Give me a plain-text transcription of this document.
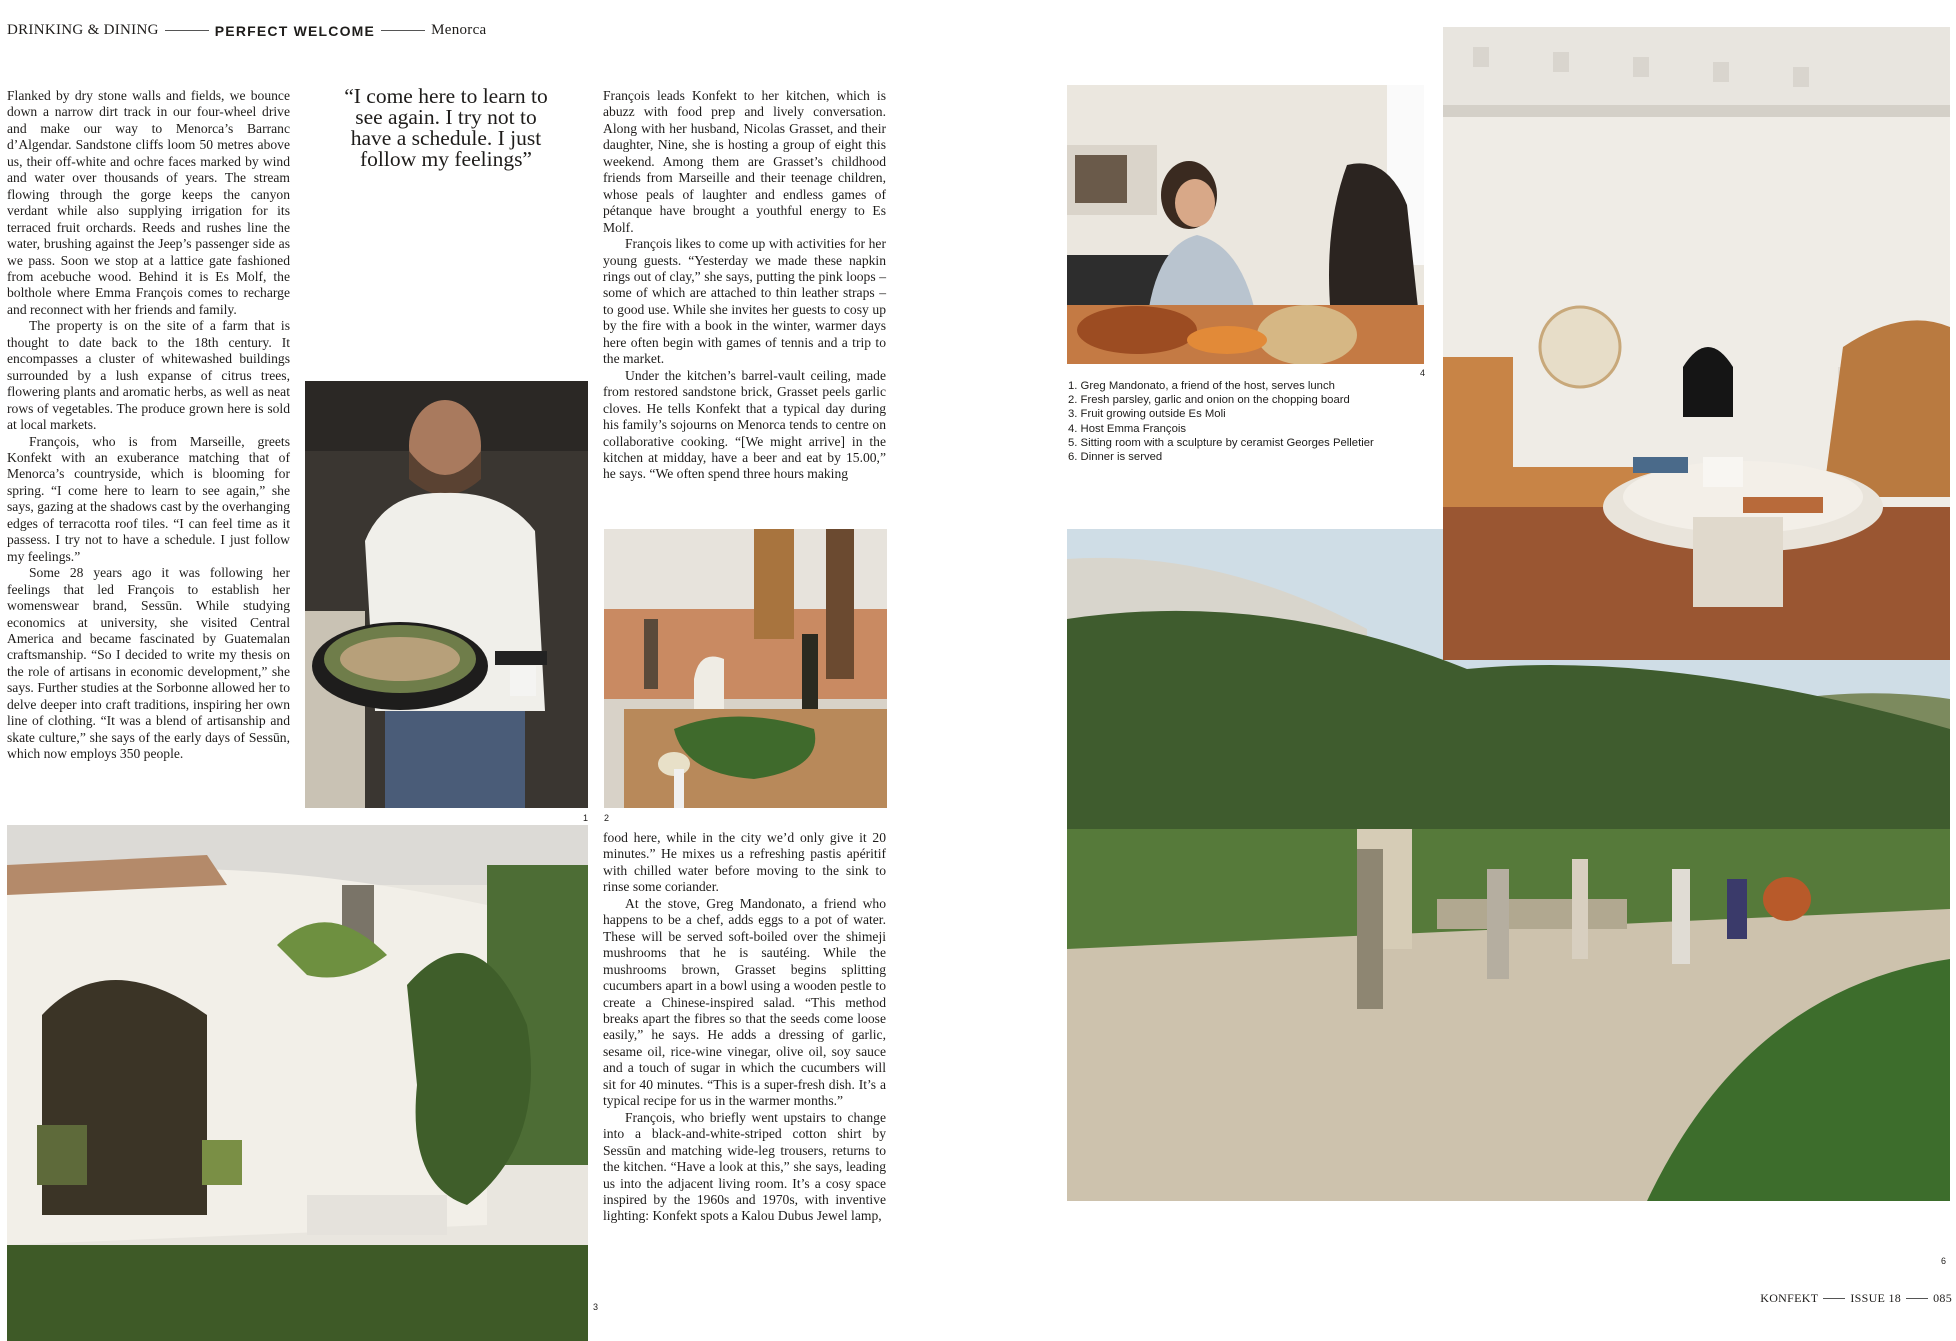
DRINKING & DINING	PERFECT WELCOME	Menorca

Flanked by dry stone walls and fields, we bounce down a narrow dirt track in our four-wheel drive and make our way to Menorca’s Barranc d’Algendar. Sandstone cliffs loom 50 metres above us, their off-white and ochre faces marked by wind and water over thousands of years. The stream flowing through the gorge keeps the canyon verdant while also supplying irrigation for its terraced fruit orchards. Reeds and rushes line the water, brushing against the Jeep’s passenger side as we pass. Soon we stop at a lattice gate fashioned from acebuche wood. Behind it is Es Molf, the bolthole where Emma François comes to recharge and reconnect with her friends and family.

The property is on the site of a farm that is thought to date back to the 18th century. It encompasses a cluster of whitewashed buildings surrounded by a lush expanse of citrus trees, flowering plants and aromatic herbs, as well as neat rows of vegetables. The produce grown here is sold at local markets.

François, who is from Marseille, greets Konfekt with an exuberance matching that of Menorca’s countryside, which is blooming for spring. “I come here to learn to see again,” she says, gazing at the shadows cast by the overhanging edges of terracotta roof tiles. “I can feel time as it passess. I try not to have a schedule. I just follow my feelings.”

Some 28 years ago it was following her feelings that led François to establish her womenswear brand, Sessūn. While studying economics at university, she visited Central America and became fascinated by Guatemalan craftsmanship. “So I decided to write my thesis on the role of artisans in economic development,” she says. Further studies at the Sorbonne allowed her to delve deeper into craft traditions, inspiring her own line of clothing. “It was a blend of artisanship and skate culture,” she says of the early days of Sessūn, which now employs 350 people.

“I come here to learn to see again. I try not to have a schedule. I just follow my feelings”
1

François leads Konfekt to her kitchen, which is abuzz with food prep and lively conversation. Along with her husband, Nicolas Grasset, and their daughter, Nine, she is hosting a group of eight this weekend. Among them are Grasset’s childhood friends from Marseille and their teenage children, whose peals of laughter and endless games of pétanque have brought a youthful energy to Es Molf.

François likes to come up with activities for her young guests. “Yesterday we made these napkin rings out of clay,” she says, putting the pink loops – some of which are attached to thin leather straps – to good use. While she invites her guests to cosy up by the fire with a book in the winter, warmer days here often begin with games of tennis and a trip to the market.

Under the kitchen’s barrel-vault ceiling, made from restored sandstone brick, Grasset peels garlic cloves. He tells Konfekt that a typical day during his family’s sojourns on Menorca tends to centre on collaborative cooking. “[We might arrive] in the kitchen at midday, have a beer and eat by 15.00,” he says. “We often spend three hours making

2

food here, while in the city we’d only give it 20 minutes.” He mixes us a refreshing pastis apéritif with chilled water before moving to the sink to rinse some coriander.

At the stove, Greg Mandonato, a friend who happens to be a chef, adds eggs to a pot of water. These will be served soft-boiled over the shimeji mushrooms that he is sautéing. While the mushrooms brown, Grasset begins splitting cucumbers apart in a bowl using a wooden pestle to create a Chinese-inspired salad. “This method breaks apart the fibres so that the seeds come loose easily,” he says. He adds a dressing of garlic, sesame oil, rice-wine vinegar, olive oil, soy sauce and a touch of sugar in which the cucumbers will sit for 40 minutes. “This is a super-fresh dish. It’s a typical recipe for us in the warmer months.”

François, who briefly went upstairs to change into a black-and-white-striped cotton shirt by Sessūn and matching wide-leg trousers, returns to the kitchen. “Have a look at this,” she says, leading us into the adjacent living room. It’s a cosy space inspired by the 1960s and 1970s, with inventive lighting: Konfekt spots a Kalou Dubus Jewel lamp,

3
4
1. Greg Mandonato, a friend of the host, serves lunch
2. Fresh parsley, garlic and onion on the chopping board
3. Fruit growing outside Es Moli
4. Host Emma François
5. Sitting room with a sculpture by ceramist Georges Pelletier
6. Dinner is served
6
KONFEKT	ISSUE 18	085
